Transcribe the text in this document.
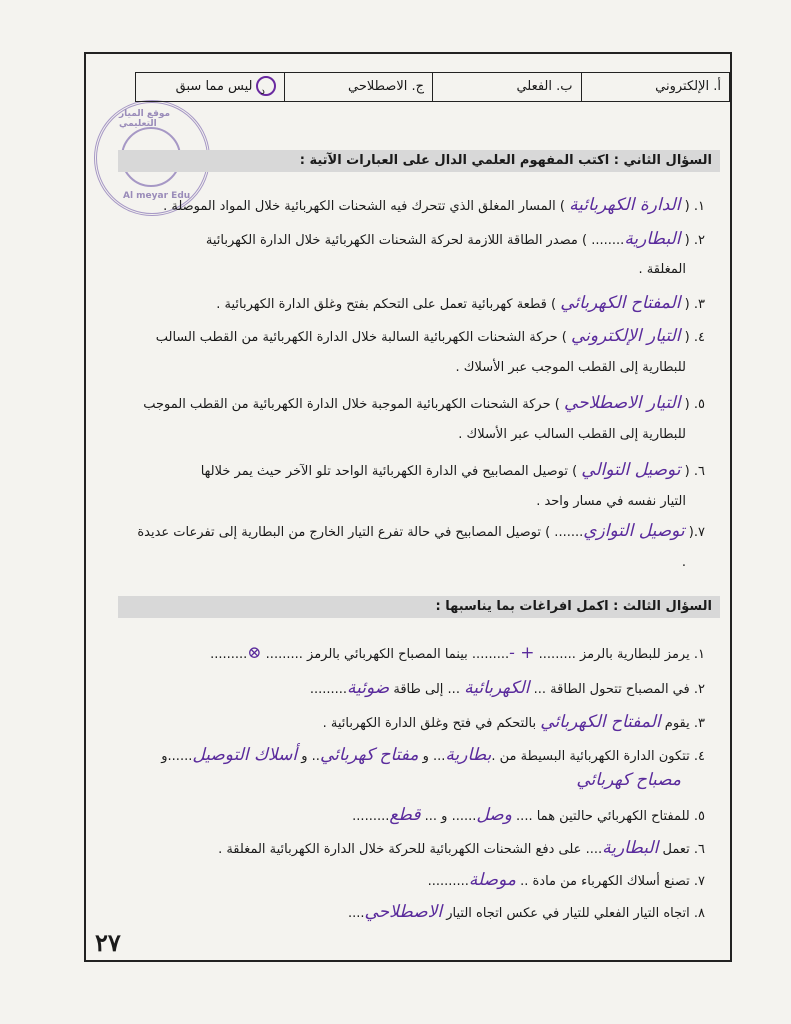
موقع الميار التعليمي
Al meyar Edu
أ. الإلكتروني
ب. الفعلي
ج. الاصطلاحي
د
ليس مما سبق
السؤال الثاني : اكتب المفهوم العلمي الدال على العبارات الآتية :
١. ( الدارة الكهربائية ) المسار المغلق الذي تتحرك فيه الشحنات الكهربائية خلال المواد الموصلة .
٢. ( البطارية........ ) مصدر الطاقة اللازمة لحركة الشحنات الكهربائية خلال الدارة الكهربائية
المغلقة .
٣. ( المفتاح الكهربائي ) قطعة كهربائية تعمل على التحكم بفتح وغلق الدارة الكهربائية .
٤. ( التيار الإلكتروني ) حركة الشحنات الكهربائية السالبة خلال الدارة الكهربائية من القطب السالب
للبطارية إلى القطب الموجب عبر الأسلاك .
٥. ( التيار الاصطلاحي ) حركة الشحنات الكهربائية الموجبة خلال الدارة الكهربائية من القطب الموجب
للبطارية إلى القطب السالب عبر الأسلاك .
٦. ( توصيل التوالي ) توصيل المصابيح في الدارة الكهربائية الواحد تلو الآخر حيث يمر خلالها
التيار نفسه في مسار واحد .
٧.( توصيل التوازي....... ) توصيل المصابيح في حالة تفرع التيار الخارج من البطارية إلى تفرعات عديدة
.
السؤال الثالث : اكمل افراغات بما يناسبها :
١. يرمز للبطارية بالرمز ......... + -......... بينما المصباح الكهربائي بالرمز ......... ⊗.........
٢. في المصباح تتحول الطاقة ... الكهربائية ... إلى طاقة ضوئية.........
٣. يقوم المفتاح الكهربائي بالتحكم في فتح وغلق الدارة الكهربائية .
٤. تتكون الدارة الكهربائية البسيطة من .بطارية... و مفتاح كهربائي.. و أسلاك التوصيل......و
مصباح كهربائي
٥. للمفتاح الكهربائي حالتين هما .... وصل...... و ... قطع.........
٦. تعمل البطارية.... على دفع الشحنات الكهربائية للحركة خلال الدارة الكهربائية المغلقة .
٧. تصنع أسلاك الكهرباء من مادة .. موصلة..........
٨. اتجاه التيار الفعلي للتيار في عكس اتجاه التيار الاصطلاحي....
٢٧
